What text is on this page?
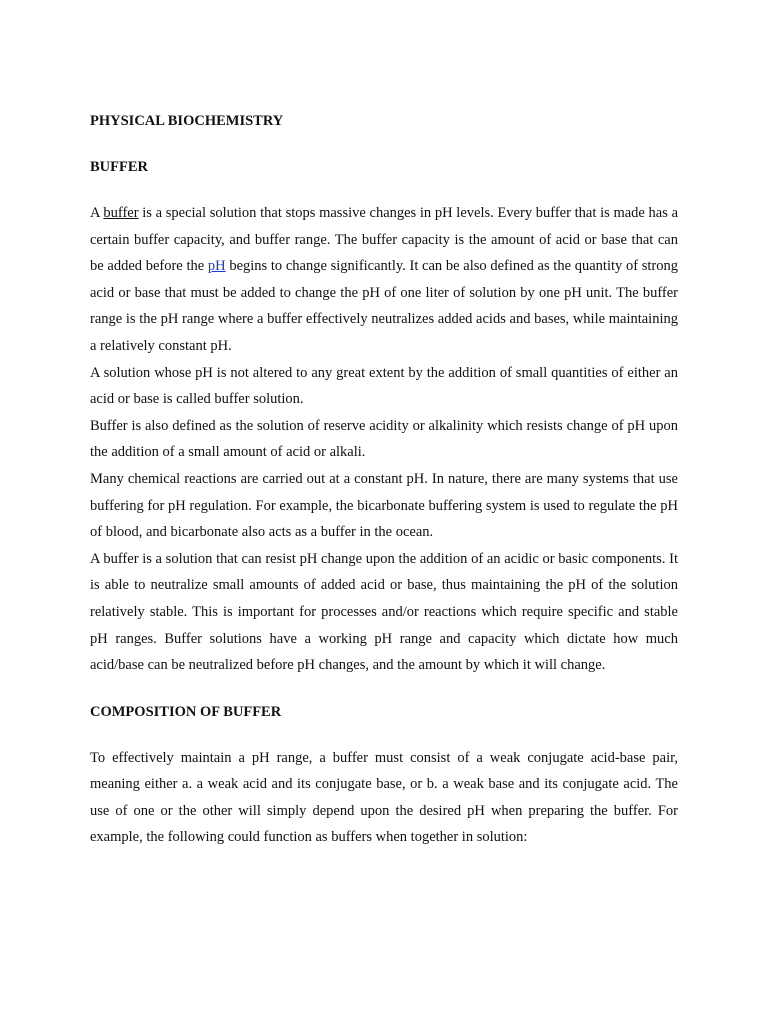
PHYSICAL BIOCHEMISTRY
BUFFER

A buffer is a special solution that stops massive changes in pH levels. Every buffer that is made has a certain buffer capacity, and buffer range. The buffer capacity is the amount of acid or base that can be added before the pH begins to change significantly. It can be also defined as the quantity of strong acid or base that must be added to change the pH of one liter of solution by one pH unit. The buffer range is the pH range where a buffer effectively neutralizes added acids and bases, while maintaining a relatively constant pH.

A solution whose pH is not altered to any great extent by the addition of small quantities of either an acid or base is called buffer solution.

Buffer is also defined as the solution of reserve acidity or alkalinity which resists change of pH upon the addition of a small amount of acid or alkali.

Many chemical reactions are carried out at a constant pH. In nature, there are many systems that use buffering for pH regulation. For example, the bicarbonate buffering system is used to regulate the pH of blood, and bicarbonate also acts as a buffer in the ocean.

A buffer is a solution that can resist pH change upon the addition of an acidic or basic components. It is able to neutralize small amounts of added acid or base, thus maintaining the pH of the solution relatively stable. This is important for processes and/or reactions which require specific and stable pH ranges. Buffer solutions have a working pH range and capacity which dictate how much acid/base can be neutralized before pH changes, and the amount by which it will change.

COMPOSITION OF BUFFER

To effectively maintain a pH range, a buffer must consist of a weak conjugate acid-base pair, meaning either a. a weak acid and its conjugate base, or b. a weak base and its conjugate acid. The use of one or the other will simply depend upon the desired pH when preparing the buffer. For example, the following could function as buffers when together in solution:
